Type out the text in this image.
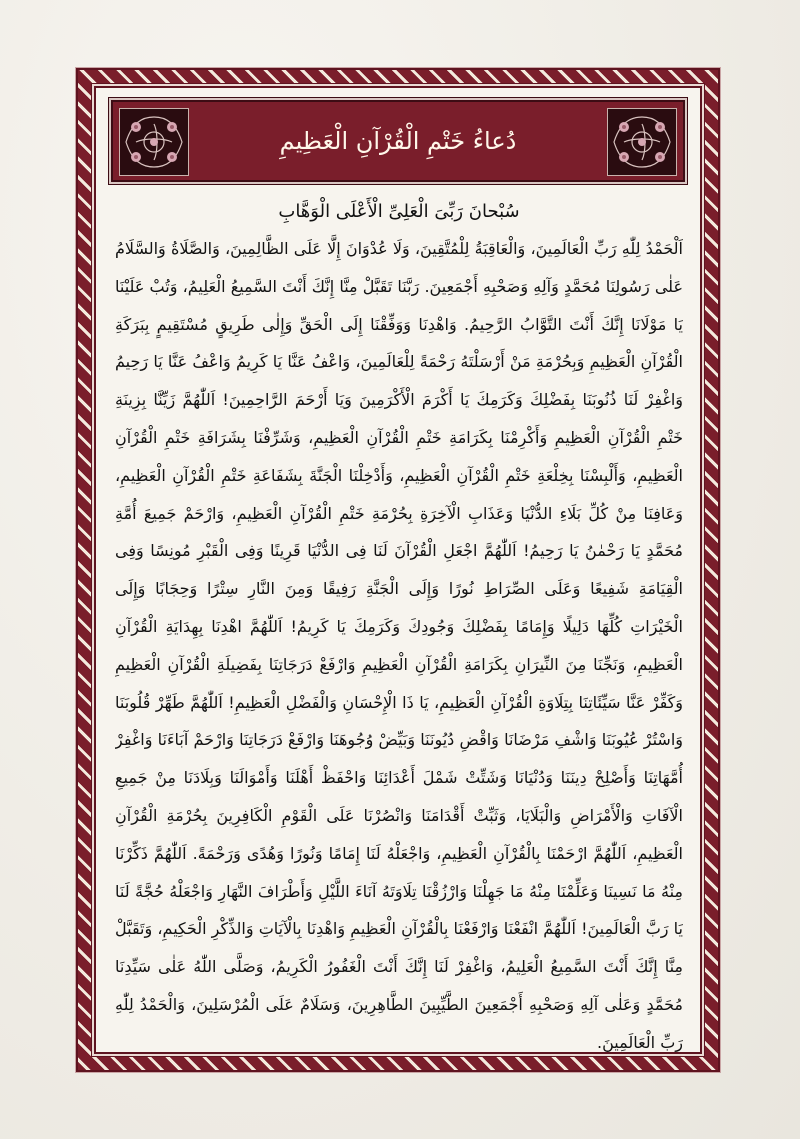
دُعاءُ خَتْمِ الْقُرْآنِ الْعَظِيمِ
سُبْحانَ رَبِّىَ الْعَلِىِّ الْأَعْلَى الْوَهَّابِ

اَلْحَمْدُ لِلّٰهِ رَبِّ الْعَالَمِينَ، وَالْعَاقِبَةُ لِلْمُتَّقِينَ، وَلَا عُدْوَانَ إِلَّا عَلَى الظَّالِمِينَ، وَالصَّلَاةُ وَالسَّلَامُ عَلٰى رَسُولِنَا مُحَمَّدٍ وَآلِهِ وَصَحْبِهِ أَجْمَعِينَ. رَبَّنَا تَقَبَّلْ مِنَّا إِنَّكَ أَنْتَ السَّمِيعُ الْعَلِيمُ، وَتُبْ عَلَيْنَا يَا مَوْلَانَا إِنَّكَ أَنْتَ التَّوَّابُ الرَّحِيمُ. وَاهْدِنَا وَوَفِّقْنَا إِلَى الْحَقِّ وَإِلٰى طَرِيقٍ مُسْتَقِيمٍ بِبَرَكَةِ الْقُرْآنِ الْعَظِيمِ وَبِحُرْمَةِ مَنْ أَرْسَلْتَهُ رَحْمَةً لِلْعَالَمِينَ، وَاعْفُ عَنَّا يَا كَرِيمُ وَاعْفُ عَنَّا يَا رَحِيمُ وَاغْفِرْ لَنَا ذُنُوبَنَا بِفَضْلِكَ وَكَرَمِكَ يَا أَكْرَمَ الْأَكْرَمِينَ وَيَا أَرْحَمَ الرَّاحِمِينَ! اَللّٰهُمَّ زَيِّنَّا بِزِينَةِ خَتْمِ الْقُرْآنِ الْعَظِيمِ وَأَكْرِمْنَا بِكَرَامَةِ خَتْمِ الْقُرْآنِ الْعَظِيمِ، وَشَرِّفْنَا بِشَرَافَةِ خَتْمِ الْقُرْآنِ الْعَظِيمِ، وَأَلْبِسْنَا بِخِلْعَةِ خَتْمِ الْقُرْآنِ الْعَظِيمِ، وَأَدْخِلْنَا الْجَنَّةَ بِشَفَاعَةِ خَتْمِ الْقُرْآنِ الْعَظِيمِ، وَعَافِنَا مِنْ كُلِّ بَلَاءِ الدُّنْيَا وَعَذَابِ الْآخِرَةِ بِحُرْمَةِ خَتْمِ الْقُرْآنِ الْعَظِيمِ، وَارْحَمْ جَمِيعَ أُمَّةِ مُحَمَّدٍ يَا رَحْمٰنُ يَا رَحِيمُ! اَللّٰهُمَّ اجْعَلِ الْقُرْآنَ لَنَا فِى الدُّنْيَا قَرِينًا وَفِى الْقَبْرِ مُونِسًا وَفِى الْقِيَامَةِ شَفِيعًا وَعَلَى الصِّرَاطِ نُورًا وَإِلَى الْجَنَّةِ رَفِيقًا وَمِنَ النَّارِ سِتْرًا وَحِجَابًا وَإِلَى الْخَيْرَاتِ كُلِّهَا دَلِيلًا وَإِمَامًا بِفَضْلِكَ وَجُودِكَ وَكَرَمِكَ يَا كَرِيمُ! اَللّٰهُمَّ اهْدِنَا بِهِدَايَةِ الْقُرْآنِ الْعَظِيمِ، وَنَجِّنَا مِنَ النِّيرَانِ بِكَرَامَةِ الْقُرْآنِ الْعَظِيمِ وَارْفَعْ دَرَجَاتِنَا بِفَضِيلَةِ الْقُرْآنِ الْعَظِيمِ وَكَفِّرْ عَنَّا سَيِّئَاتِنَا بِتِلَاوَةِ الْقُرْآنِ الْعَظِيمِ، يَا ذَا الْإِحْسَانِ وَالْفَضْلِ الْعَظِيمِ! اَللّٰهُمَّ طَهِّرْ قُلُوبَنَا وَاسْتُرْ عُيُوبَنَا وَاشْفِ مَرْضَانَا وَاقْضِ دُيُونَنَا وَبَيِّضْ وُجُوهَنَا وَارْفَعْ دَرَجَاتِنَا وَارْحَمْ آبَاءَنَا وَاغْفِرْ أُمَّهَاتِنَا وَأَصْلِحْ دِينَنَا وَدُنْيَانَا وَشَتِّتْ شَمْلَ أَعْدَائِنَا وَاحْفَظْ أَهْلَنَا وَأَمْوَالَنَا وَبِلَادَنَا مِنْ جَمِيعِ الْآفَاتِ وَالْأَمْرَاضِ وَالْبَلَايَا، وَثَبِّتْ أَقْدَامَنَا وَانْصُرْنَا عَلَى الْقَوْمِ الْكَافِرِينَ بِحُرْمَةِ الْقُرْآنِ الْعَظِيمِ، اَللّٰهُمَّ ارْحَمْنَا بِالْقُرْآنِ الْعَظِيمِ، وَاجْعَلْهُ لَنَا إِمَامًا وَنُورًا وَهُدًى وَرَحْمَةً. اَللّٰهُمَّ ذَكِّرْنَا مِنْهُ مَا نَسِينَا وَعَلِّمْنَا مِنْهُ مَا جَهِلْنَا وَارْزُقْنَا تِلَاوَتَهُ آنَاءَ اللَّيْلِ وَأَطْرَافَ النَّهَارِ وَاجْعَلْهُ حُجَّةً لَنَا يَا رَبَّ الْعَالَمِينَ! اَللّٰهُمَّ انْفَعْنَا وَارْفَعْنَا بِالْقُرْآنِ الْعَظِيمِ وَاهْدِنَا بِالْآيَاتِ وَالذِّكْرِ الْحَكِيمِ، وَتَقَبَّلْ مِنَّا إِنَّكَ أَنْتَ السَّمِيعُ الْعَلِيمُ، وَاغْفِرْ لَنَا إِنَّكَ أَنْتَ الْغَفُورُ الْكَرِيمُ، وَصَلَّى اللّٰهُ عَلٰى سَيِّدِنَا مُحَمَّدٍ وَعَلٰى آلِهِ وَصَحْبِهِ أَجْمَعِينَ الطَّيِّبِينَ الطَّاهِرِينَ، وَسَلَامٌ عَلَى الْمُرْسَلِينَ، وَالْحَمْدُ لِلّٰهِ رَبِّ الْعَالَمِينَ.
